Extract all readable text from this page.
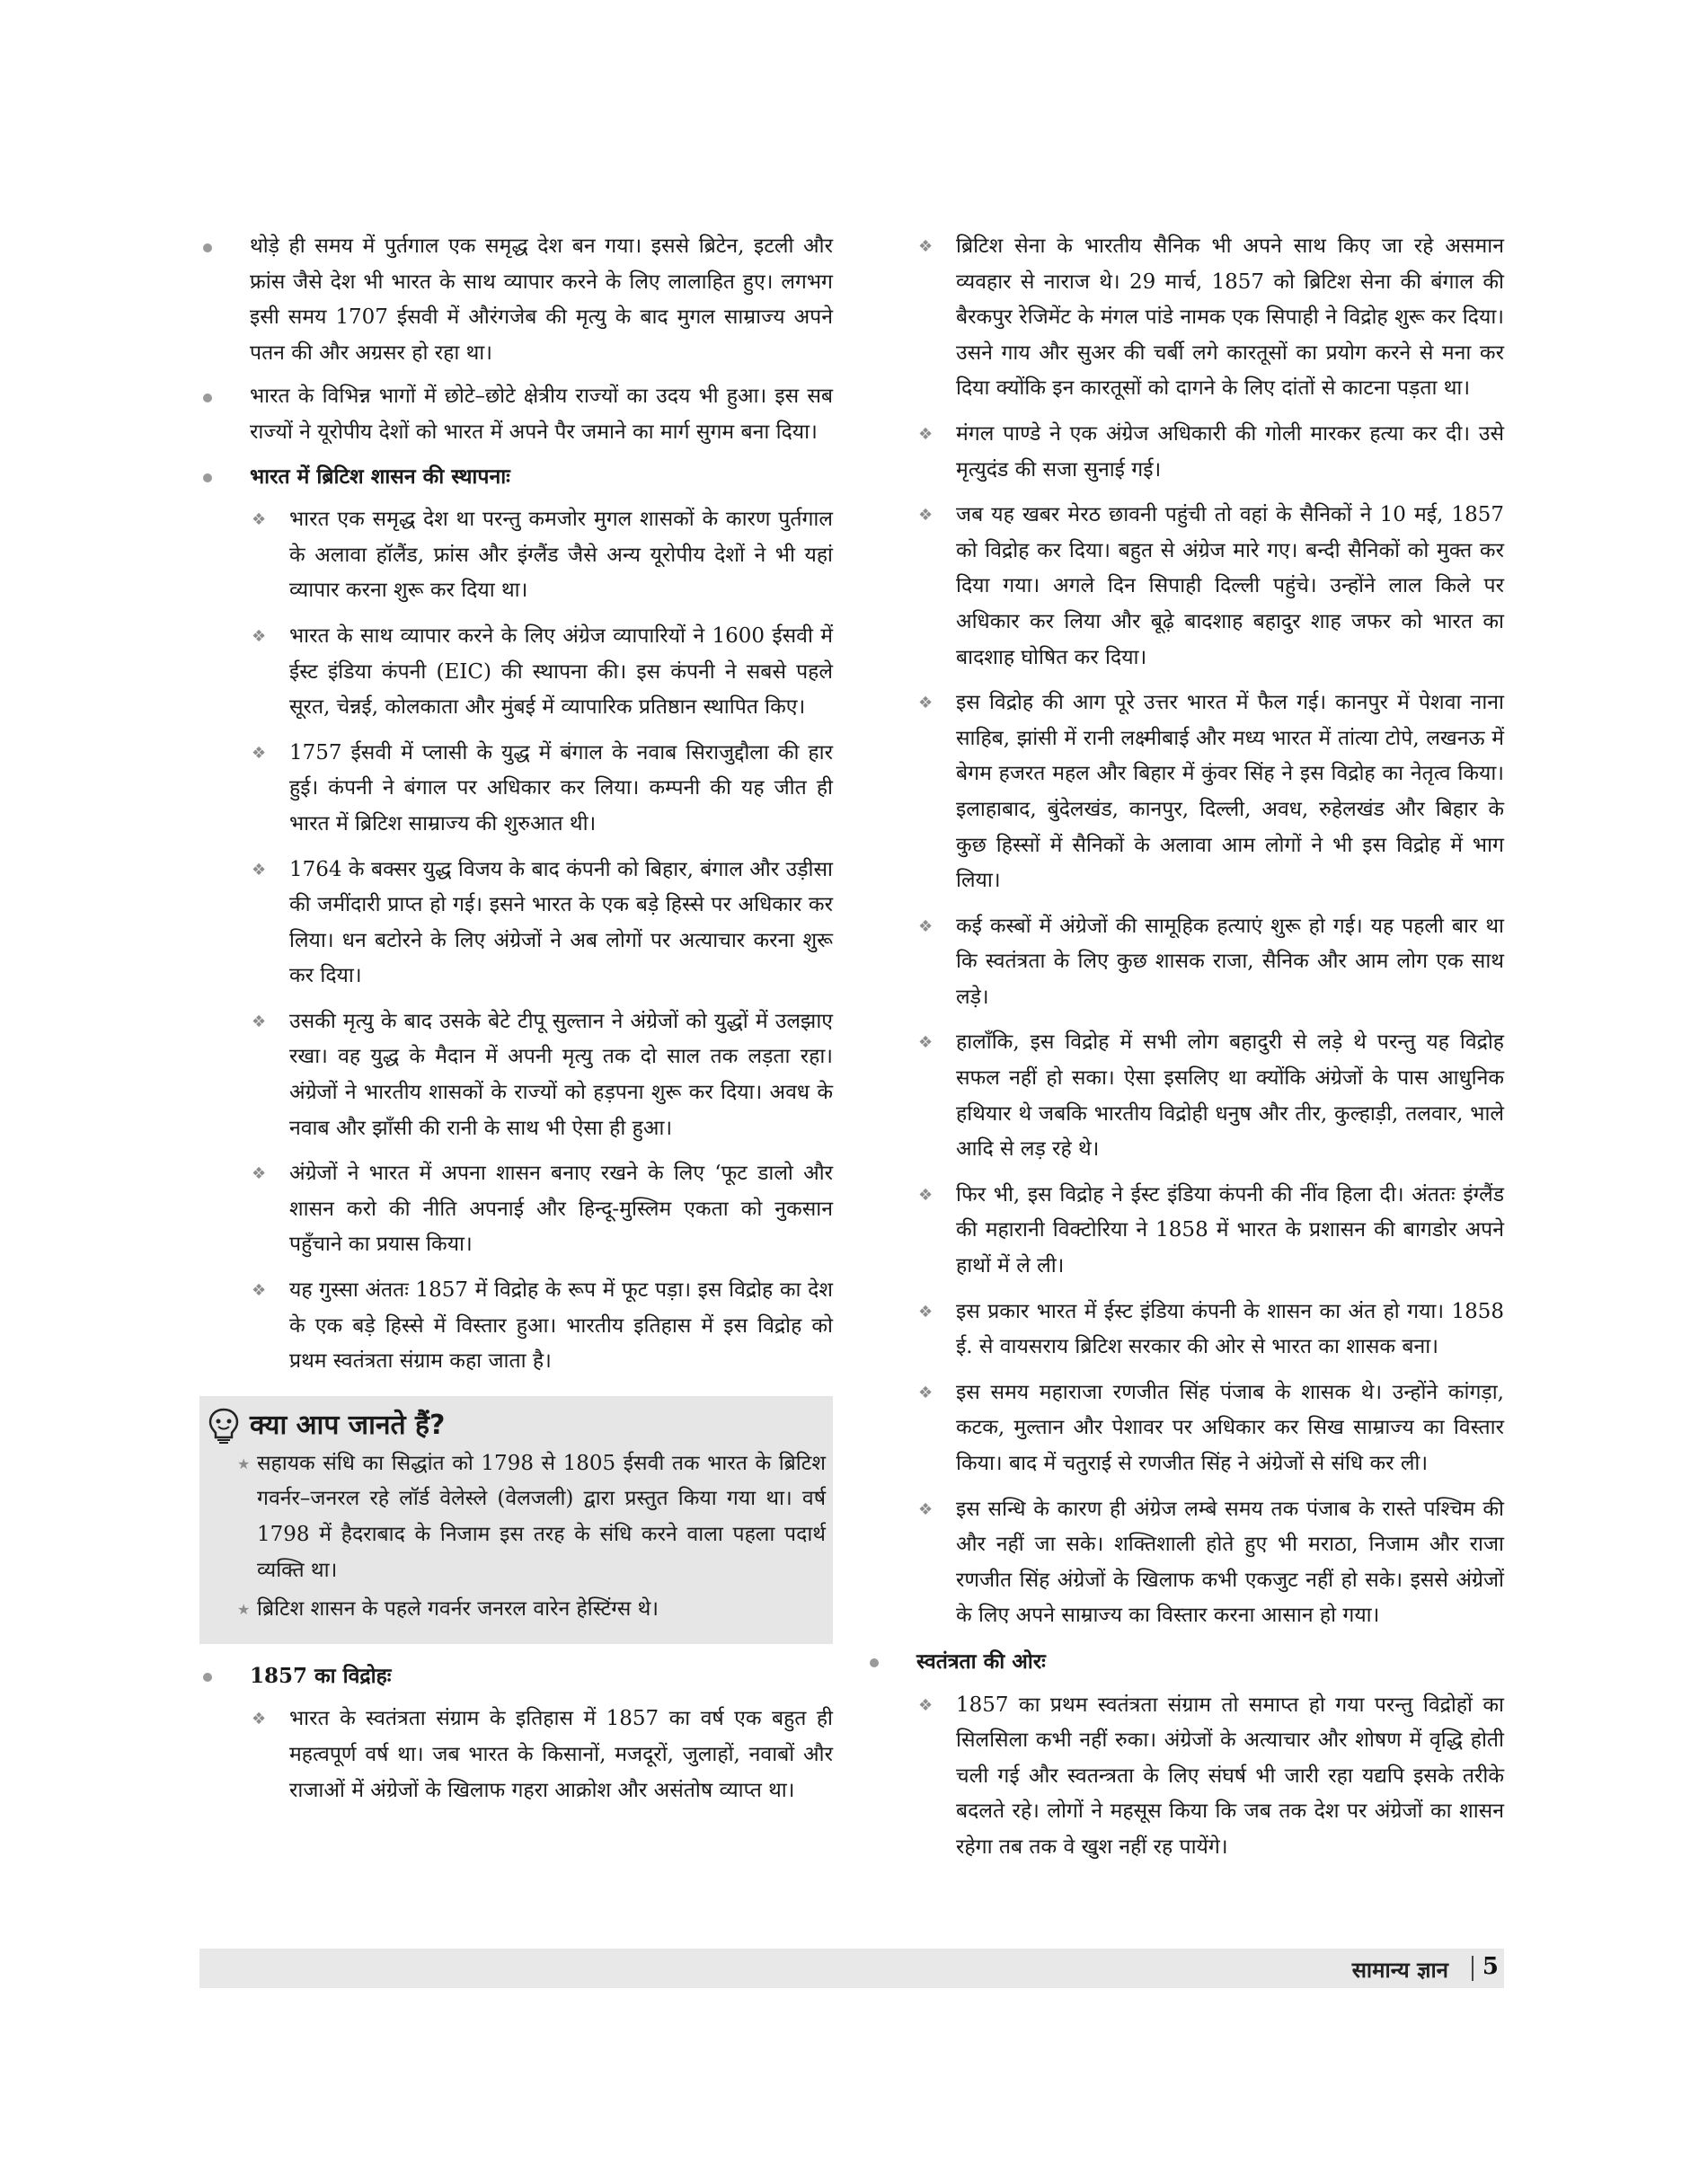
थोड़े ही समय में पुर्तगाल एक समृद्ध देश बन गया। इससे ब्रिटेन, इटली और फ्रांस जैसे देश भी भारत के साथ व्यापार करने के लिए लालाहित हुए। लगभग इसी समय 1707 ईसवी में औरंगजेब की मृत्यु के बाद मुगल साम्राज्य अपने पतन की और अग्रसर हो रहा था।

भारत के विभिन्न भागों में छोटे–छोटे क्षेत्रीय राज्यों का उदय भी हुआ। इस सब राज्यों ने यूरोपीय देशों को भारत में अपने पैर जमाने का मार्ग सुगम बना दिया।

भारत में ब्रिटिश शासन की स्थापनाः

❖ भारत एक समृद्ध देश था परन्तु कमजोर मुगल शासकों के कारण पुर्तगाल के अलावा हॉलैंड, फ्रांस और इंग्लैंड जैसे अन्य यूरोपीय देशों ने भी यहां व्यापार करना शुरू कर दिया था।
❖ भारत के साथ व्यापार करने के लिए अंग्रेज व्यापारियों ने 1600 ईसवी में ईस्ट इंडिया कंपनी (EIC) की स्थापना की। इस कंपनी ने सबसे पहले सूरत, चेन्नई, कोलकाता और मुंबई में व्यापारिक प्रतिष्ठान स्थापित किए।
❖ 1757 ईसवी में प्लासी के युद्ध में बंगाल के नवाब सिराजुद्दौला की हार हुई। कंपनी ने बंगाल पर अधिकार कर लिया। कम्पनी की यह जीत ही भारत में ब्रिटिश साम्राज्य की शुरुआत थी।
❖ 1764 के बक्सर युद्ध विजय के बाद कंपनी को बिहार, बंगाल और उड़ीसा की जमींदारी प्राप्त हो गई। इसने भारत के एक बड़े हिस्से पर अधिकार कर लिया। धन बटोरने के लिए अंग्रेजों ने अब लोगों पर अत्याचार करना शुरू कर दिया।
❖ उसकी मृत्यु के बाद उसके बेटे टीपू सुल्तान ने अंग्रेजों को युद्धों में उलझाए रखा। वह युद्ध के मैदान में अपनी मृत्यु तक दो साल तक लड़ता रहा। अंग्रेजों ने भारतीय शासकों के राज्यों को हड़पना शुरू कर दिया। अवध के नवाब और झाँसी की रानी के साथ भी ऐसा ही हुआ।
❖ अंग्रेजों ने भारत में अपना शासन बनाए रखने के लिए ‘फूट डालो और शासन करो की नीति अपनाई और हिन्दू-मुस्लिम एकता को नुकसान पहुँचाने का प्रयास किया।
❖ यह गुस्सा अंततः 1857 में विद्रोह के रूप में फूट पड़ा। इस विद्रोह का देश के एक बड़े हिस्से में विस्तार हुआ। भारतीय इतिहास में इस विद्रोह को प्रथम स्वतंत्रता संग्राम कहा जाता है।
क्या आप जानते हैं?
★ सहायक संधि का सिद्धांत को 1798 से 1805 ईसवी तक भारत के ब्रिटिश गवर्नर–जनरल रहे लॉर्ड वेलेस्ले (वेलजली) द्वारा प्रस्तुत किया गया था। वर्ष 1798 में हैदराबाद के निजाम इस तरह के संधि करने वाला पहला पदार्थ व्यक्ति था।
★ ब्रिटिश शासन के पहले गवर्नर जनरल वारेन हेस्टिंग्स थे।

1857 का विद्रोहः

❖ भारत के स्वतंत्रता संग्राम के इतिहास में 1857 का वर्ष एक बहुत ही महत्वपूर्ण वर्ष था। जब भारत के किसानों, मजदूरों, जुलाहों, नवाबों और राजाओं में अंग्रेजों के खिलाफ गहरा आक्रोश और असंतोष व्याप्त था।
❖ ब्रिटिश सेना के भारतीय सैनिक भी अपने साथ किए जा रहे असमान व्यवहार से नाराज थे। 29 मार्च, 1857 को ब्रिटिश सेना की बंगाल की बैरकपुर रेजिमेंट के मंगल पांडे नामक एक सिपाही ने विद्रोह शुरू कर दिया। उसने गाय और सुअर की चर्बी लगे कारतूसों का प्रयोग करने से मना कर दिया क्योंकि इन कारतूसों को दागने के लिए दांतों से काटना पड़ता था।
❖ मंगल पाण्डे ने एक अंग्रेज अधिकारी की गोली मारकर हत्या कर दी। उसे मृत्युदंड की सजा सुनाई गई।
❖ जब यह खबर मेरठ छावनी पहुंची तो वहां के सैनिकों ने 10 मई, 1857 को विद्रोह कर दिया। बहुत से अंग्रेज मारे गए। बन्दी सैनिकों को मुक्त कर दिया गया। अगले दिन सिपाही दिल्ली पहुंचे। उन्होंने लाल किले पर अधिकार कर लिया और बूढ़े बादशाह बहादुर शाह जफर को भारत का बादशाह घोषित कर दिया।
❖ इस विद्रोह की आग पूरे उत्तर भारत में फैल गई। कानपुर में पेशवा नाना साहिब, झांसी में रानी लक्ष्मीबाई और मध्य भारत में तांत्या टोपे, लखनऊ में बेगम हजरत महल और बिहार में कुंवर सिंह ने इस विद्रोह का नेतृत्व किया। इलाहाबाद, बुंदेलखंड, कानपुर, दिल्ली, अवध, रुहेलखंड और बिहार के कुछ हिस्सों में सैनिकों के अलावा आम लोगों ने भी इस विद्रोह में भाग लिया।
❖ कई कस्बों में अंग्रेजों की सामूहिक हत्याएं शुरू हो गई। यह पहली बार था कि स्वतंत्रता के लिए कुछ शासक राजा, सैनिक और आम लोग एक साथ लड़े।
❖ हालाँकि, इस विद्रोह में सभी लोग बहादुरी से लड़े थे परन्तु यह विद्रोह सफल नहीं हो सका। ऐसा इसलिए था क्योंकि अंग्रेजों के पास आधुनिक हथियार थे जबकि भारतीय विद्रोही धनुष और तीर, कुल्हाड़ी, तलवार, भाले आदि से लड़ रहे थे।
❖ फिर भी, इस विद्रोह ने ईस्ट इंडिया कंपनी की नींव हिला दी। अंततः इंग्लैंड की महारानी विक्टोरिया ने 1858 में भारत के प्रशासन की बागडोर अपने हाथों में ले ली।
❖ इस प्रकार भारत में ईस्ट इंडिया कंपनी के शासन का अंत हो गया। 1858 ई. से वायसराय ब्रिटिश सरकार की ओर से भारत का शासक बना।
❖ इस समय महाराजा रणजीत सिंह पंजाब के शासक थे। उन्होंने कांगड़ा, कटक, मुल्तान और पेशावर पर अधिकार कर सिख साम्राज्य का विस्तार किया। बाद में चतुराई से रणजीत सिंह ने अंग्रेजों से संधि कर ली।
❖ इस सन्धि के कारण ही अंग्रेज लम्बे समय तक पंजाब के रास्ते पश्चिम की और नहीं जा सके। शक्तिशाली होते हुए भी मराठा, निजाम और राजा रणजीत सिंह अंग्रेजों के खिलाफ कभी एकजुट नहीं हो सके। इससे अंग्रेजों के लिए अपने साम्राज्य का विस्तार करना आसान हो गया।

स्वतंत्रता की ओरः

❖ 1857 का प्रथम स्वतंत्रता संग्राम तो समाप्त हो गया परन्तु विद्रोहों का सिलसिला कभी नहीं रुका। अंग्रेजों के अत्याचार और शोषण में वृद्धि होती चली गई और स्वतन्त्रता के लिए संघर्ष भी जारी रहा यद्यपि इसके तरीके बदलते रहे। लोगों ने महसूस किया कि जब तक देश पर अंग्रेजों का शासन रहेगा तब तक वे खुश नहीं रह पायेंगे।
सामान्य ज्ञान 5
